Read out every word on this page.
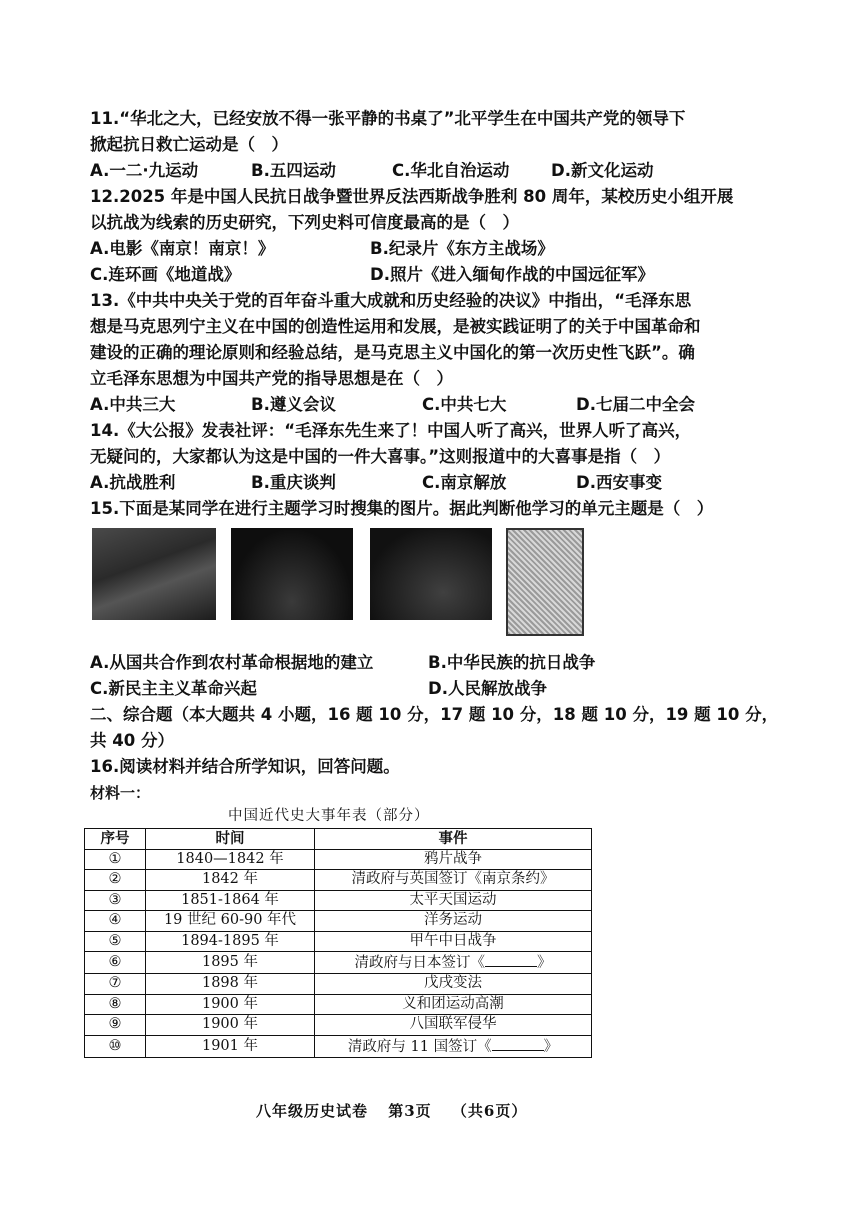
11.“华北之大，已经安放不得一张平静的书桌了”北平学生在中国共产党的领导下
掀起抗日救亡运动是（　）
A.一二·九运动	B.五四运动	C.华北自治运动	D.新文化运动
12.2025 年是中国人民抗日战争暨世界反法西斯战争胜利 80 周年，某校历史小组开展
以抗战为线索的历史研究，下列史料可信度最高的是（　）
A.电影《南京！南京！》	B.纪录片《东方主战场》
C.连环画《地道战》	D.照片《进入缅甸作战的中国远征军》
13.《中共中央关于党的百年奋斗重大成就和历史经验的决议》中指出，“毛泽东思
想是马克思列宁主义在中国的创造性运用和发展，是被实践证明了的关于中国革命和
建设的正确的理论原则和经验总结，是马克思主义中国化的第一次历史性飞跃”。确
立毛泽东思想为中国共产党的指导思想是在（　）
A.中共三大	B.遵义会议	C.中共七大	D.七届二中全会
14.《大公报》发表社评：“毛泽东先生来了！中国人听了高兴，世界人听了高兴，
无疑问的，大家都认为这是中国的一件大喜事。”这则报道中的大喜事是指（　）
A.抗战胜利	B.重庆谈判	C.南京解放	D.西安事变
15.下面是某同学在进行主题学习时搜集的图片。据此判断他学习的单元主题是（　）
A.从国共合作到农村革命根据地的建立	B.中华民族的抗日战争
C.新民主主义革命兴起	D.人民解放战争
二、综合题（本大题共 4 小题，16 题 10 分，17 题 10 分，18 题 10 分，19 题 10 分，
共 40 分）
16.阅读材料并结合所学知识，回答问题。
材料一：
中国近代史大事年表（部分）
序号	时间	事件
①	1840—1842 年	鸦片战争
②	1842 年	清政府与英国签订《南京条约》
③	1851-1864 年	太平天国运动
④	19 世纪 60-90 年代	洋务运动
⑤	1894-1895 年	甲午中日战争
⑥	1895 年	清政府与日本签订《 》
⑦	1898 年	戊戌变法
⑧	1900 年	义和团运动高潮
⑨	1900 年	八国联军侵华
⑩	1901 年	清政府与 11 国签订《 》
八年级历史试卷 第3页 （共6页）
